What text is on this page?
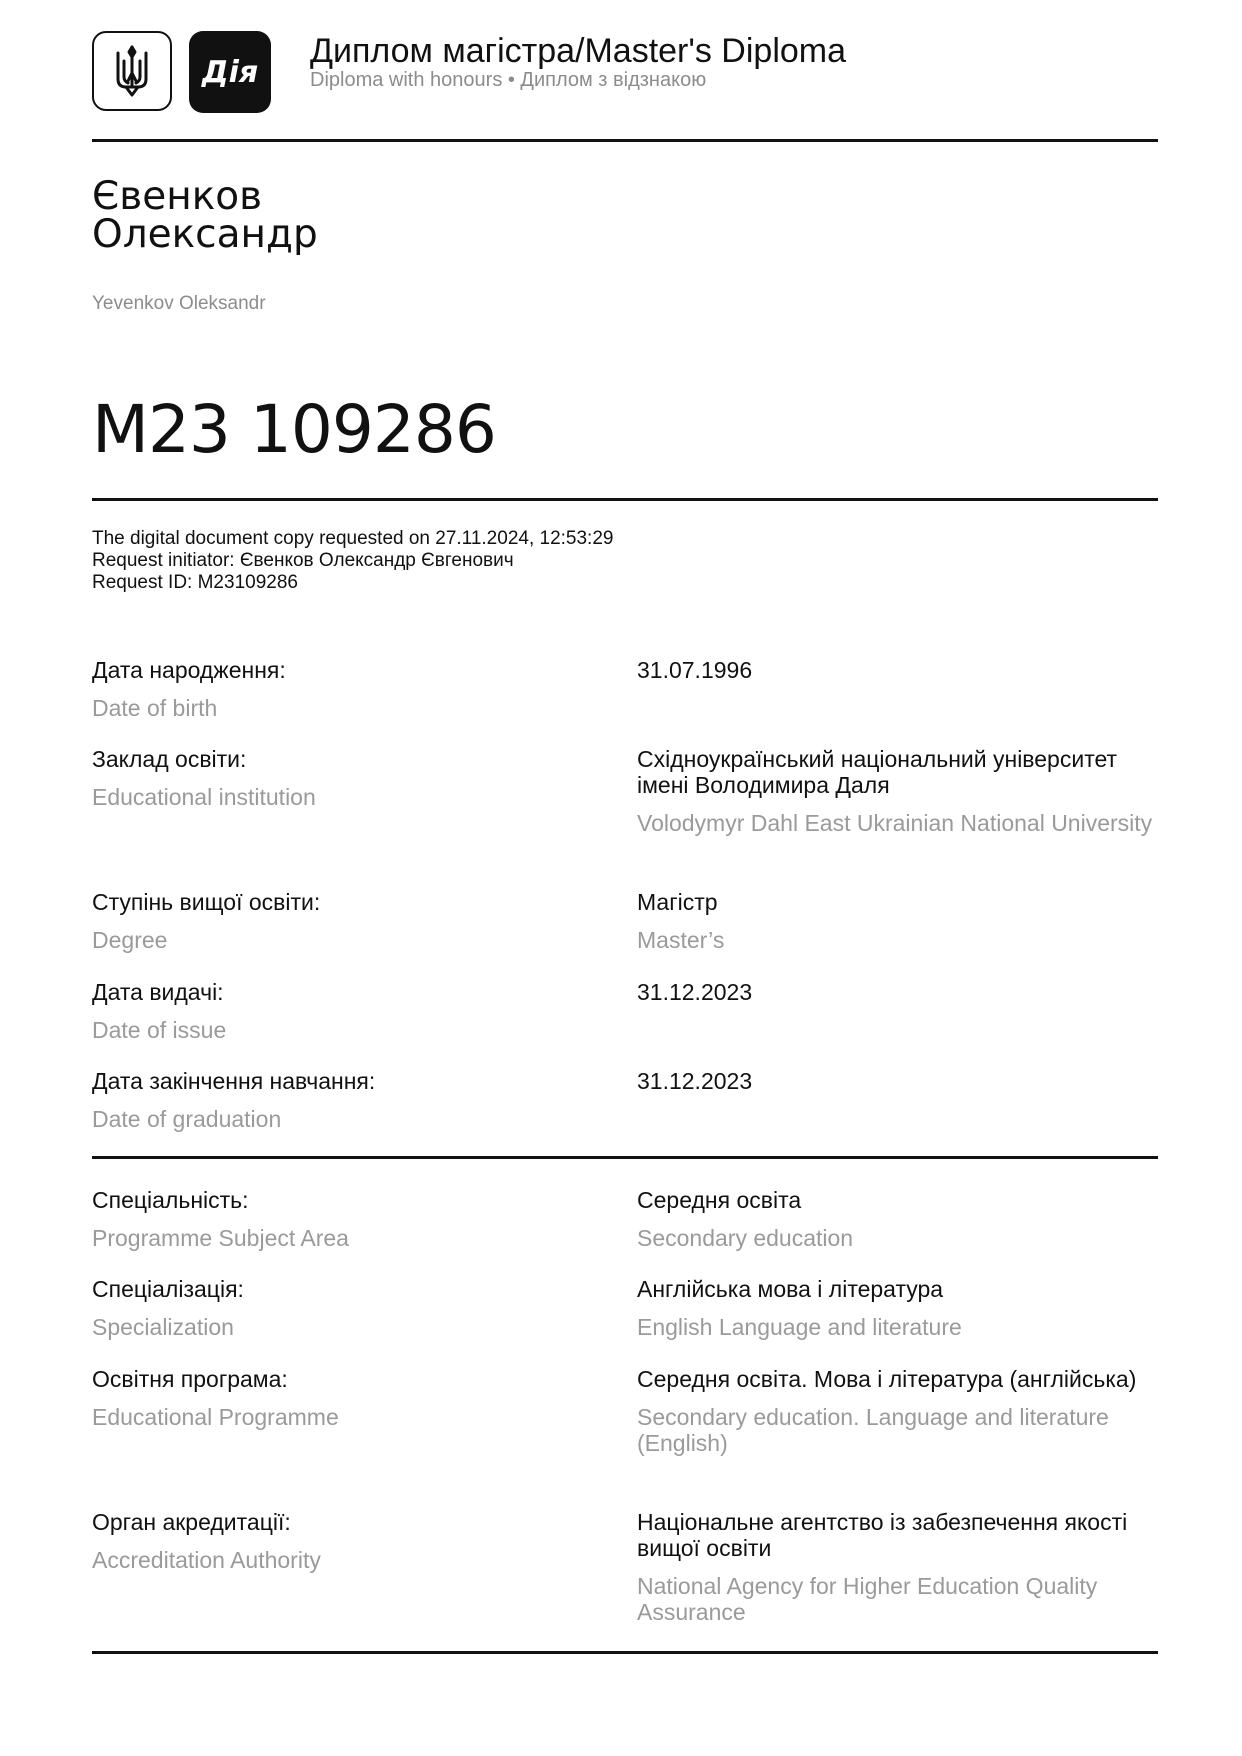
Дія
Диплом магістра/Master's Diploma
Diploma with honours • Диплом з відзнакою
Євенков
Олександр
Yevenkov Oleksandr
M23 109286
The digital document copy requested on 27.11.2024, 12:53:29
Request initiator: Євенков Олександр Євгенович
Request ID: M23109286
Дата народження:
Date of birth
31.07.1996
Заклад освіти:
Educational institution
Східноукраїнський національний університет імені Володимира Даля
Volodymyr Dahl East Ukrainian National University
Ступінь вищої освіти:
Degree
Магістр
Master’s
Дата видачі:
Date of issue
31.12.2023
Дата закінчення навчання:
Date of graduation
31.12.2023
Спеціальність:
Programme Subject Area
Середня освіта
Secondary education
Спеціалізація:
Specialization
Англійська мова і література
English Language and literature
Освітня програма:
Educational Programme
Середня освіта. Мова і література (англійська)
Secondary education. Language and literature (English)
Орган акредитації:
Accreditation Authority
Національне агентство із забезпечення якості вищої освіти
National Agency for Higher Education Quality Assurance
